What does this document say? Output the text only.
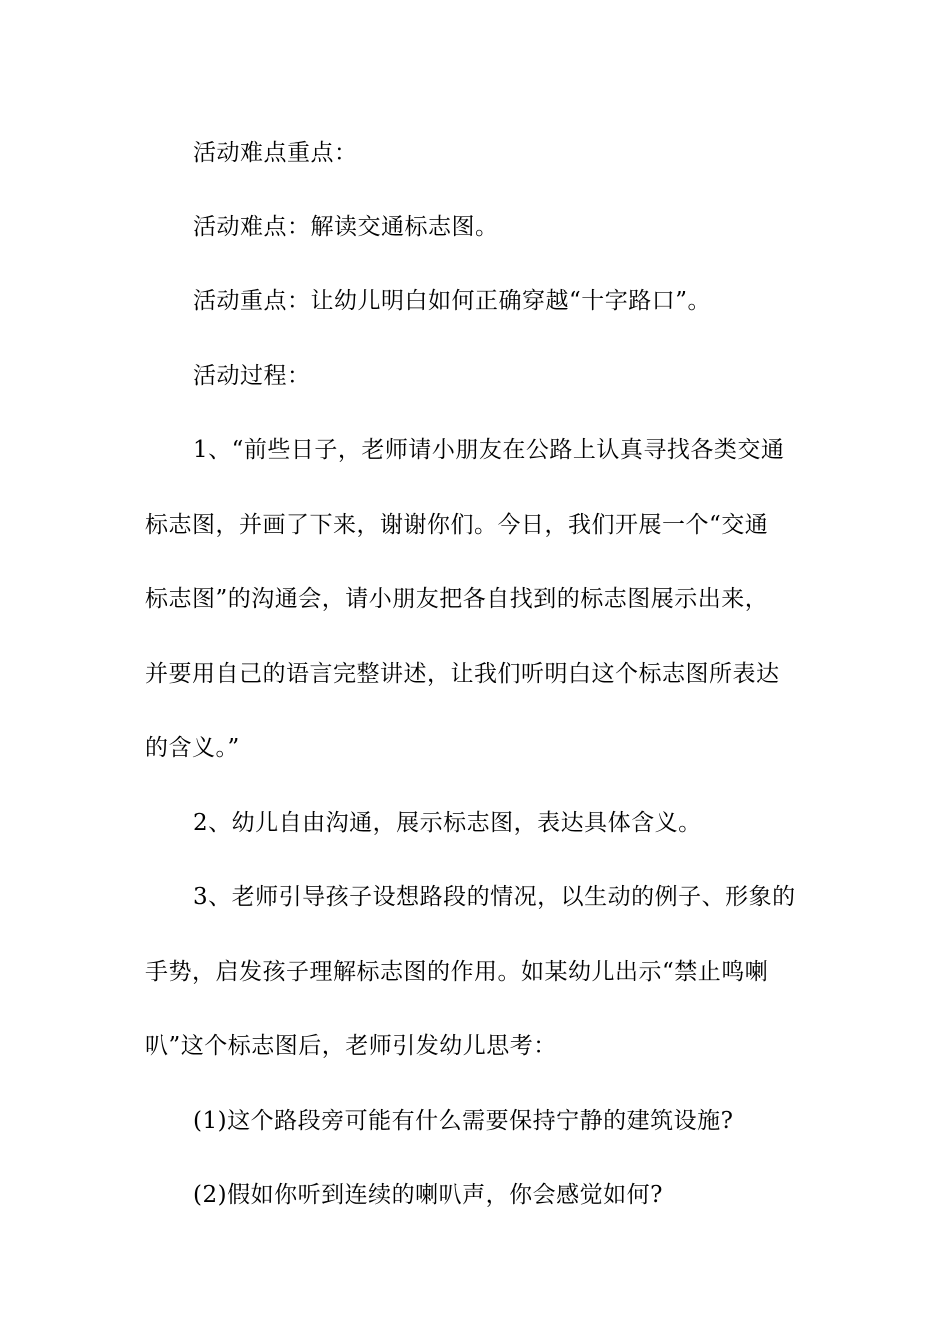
活动难点重点：
活动难点：解读交通标志图。
活动重点：让幼儿明白如何正确穿越“十字路口”。
活动过程：
1、“前些日子，老师请小朋友在公路上认真寻找各类交通
标志图，并画了下来，谢谢你们。今日，我们开展一个“交通
标志图”的沟通会，请小朋友把各自找到的标志图展示出来，
并要用自己的语言完整讲述，让我们听明白这个标志图所表达
的含义。”
2、幼儿自由沟通，展示标志图，表达具体含义。
3、老师引导孩子设想路段的情况，以生动的例子、形象的
手势，启发孩子理解标志图的作用。如某幼儿出示“禁止鸣喇
叭”这个标志图后，老师引发幼儿思考：
(1)这个路段旁可能有什么需要保持宁静的建筑设施?
(2)假如你听到连续的喇叭声，你会感觉如何?
